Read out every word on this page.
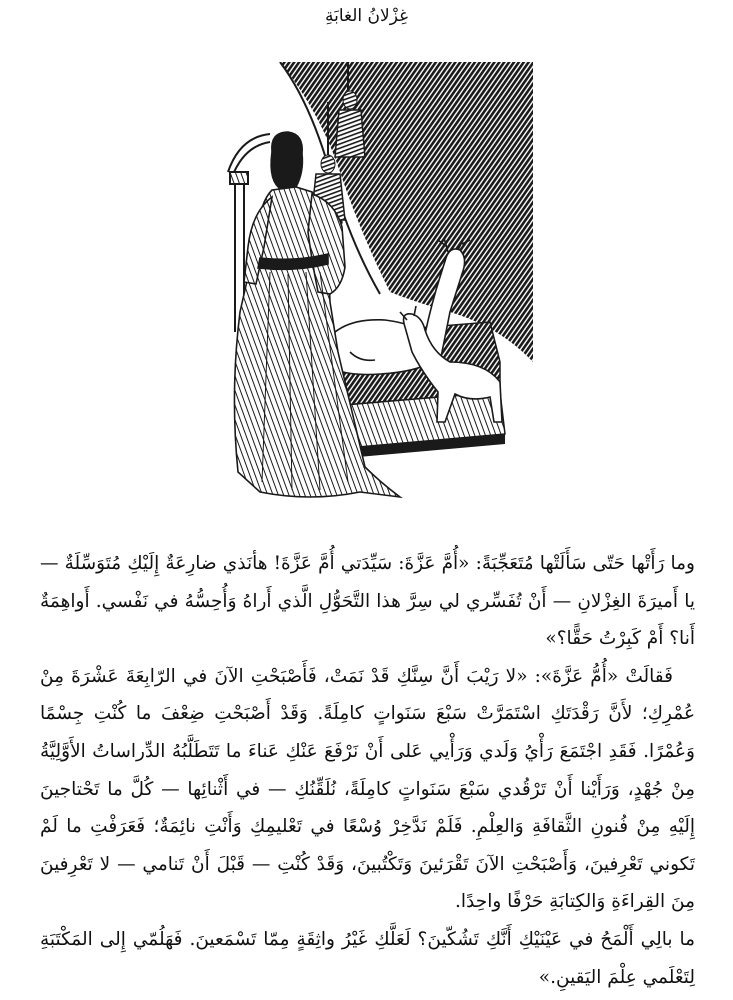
غِزْلانُ الغابَةِ

وما رَأَتْها حَتّى سَأَلَتْها مُتَعَجِّبَةً: «أُمَّ عَزَّةَ: سَيِّدَتي أُمَّ عَزَّةَ! هأنَذي ضارِعَةٌ إِلَيْكِ مُتَوَسِّلَةٌ — يا أَميرَةَ الغِزْلانِ — أَنْ تُفَسِّري لي سِرَّ هذا التَّحَوُّلِ الَّذي أَراهُ وَأُحِسُّهُ في نَفْسي. أَواهِمَةٌ أَنا؟ أَمْ كَبِرْتُ حَقًّا؟»

فَقالَتْ «أُمُّ عَزَّةَ»: «لا رَيْبَ أَنَّ سِنَّكِ قَدْ نَمَتْ، فَأَصْبَحْتِ الآنَ في الرّابِعَةَ عَشْرَةَ مِنْ عُمْرِكِ؛ لأَنَّ رَقْدَتَكِ اسْتَمَرَّتْ سَبْعَ سَنَواتٍ كامِلَةً. وَقَدْ أَصْبَحْتِ ضِعْفَ ما كُنْتِ جِسْمًا وَعُمْرًا. فَقَدِ اجْتَمَعَ رَأْيُ وَلَدي وَرَأْيي عَلى أَنْ نَرْفَعَ عَنْكِ عَناءَ ما تَتَطَلَّبُهُ الدِّراساتُ الأَوَّلِيَّةُ مِنْ جُهْدٍ، وَرَأَيْنا أَنْ تَرْقُدي سَبْعَ سَنَواتٍ كامِلَةً، نُلَقِّنُكِ — في أَثْنائِها — كُلَّ ما تَحْتاجينَ إِلَيْهِ مِنْ فُنونِ الثَّقافَةِ وَالعِلْمِ. فَلَمْ نَدَّخِرْ وُسْعًا في تَعْليمِكِ وَأَنْتِ نائِمَةٌ؛ فَعَرَفْتِ ما لَمْ تَكوني تَعْرِفينَ، وَأَصْبَحْتِ الآنَ تَقْرَئينَ وَتَكْتُبينَ، وَقَدْ كُنْتِ — قَبْلَ أَنْ تَنامي — لا تَعْرِفينَ مِنَ القِراءَةِ وَالكِتابَةِ حَرْفًا واحِدًا.

ما بالِي أَلْمَحُ في عَيْنَيْكِ أَنَّكِ تَشُكّينَ؟ لَعَلَّكِ غَيْرُ واثِقَةٍ مِمّا تَسْمَعينَ. فَهَلُمّي إِلى المَكْتَبَةِ لِتَعْلَمي عِلْمَ اليَقينِ.»
